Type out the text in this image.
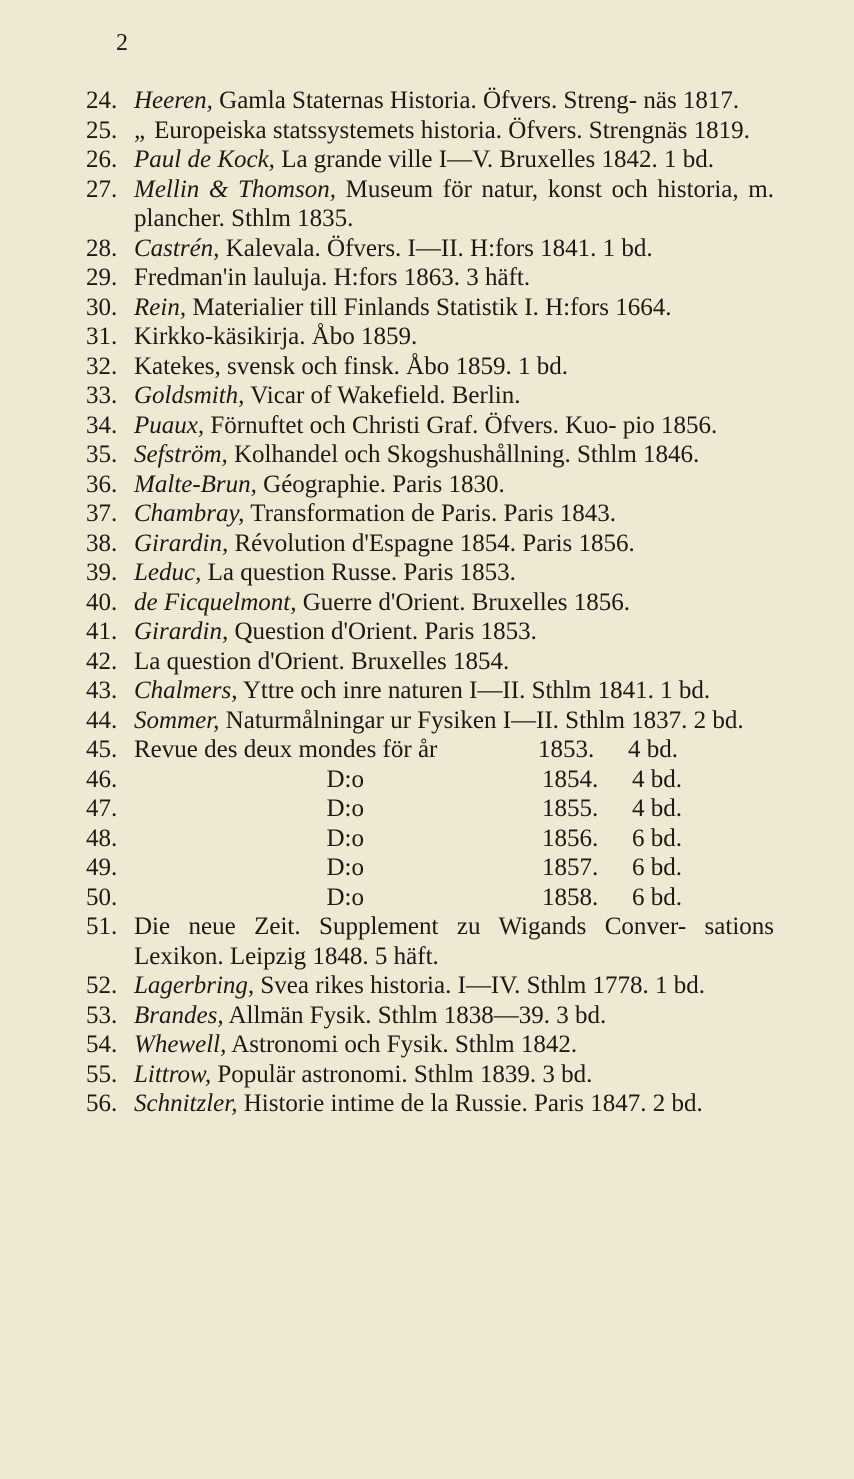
2
24. Heeren, Gamla Staternas Historia. Öfvers. Streng- näs 1817.
25. „ Europeiska statssystemets historia. Öfvers. Strengnäs 1819.
26. Paul de Kock, La grande ville I—V. Bruxelles 1842. 1 bd.
27. Mellin & Thomson, Museum för natur, konst och historia, m. plancher. Sthlm 1835.
28. Castrén, Kalevala. Öfvers. I—II. H:fors 1841. 1 bd.
29. Fredman'in lauluja. H:fors 1863. 3 häft.
30. Rein, Materialier till Finlands Statistik I. H:fors 1664.
31. Kirkko-käsikirja. Åbo 1859.
32. Katekes, svensk och finsk. Åbo 1859. 1 bd.
33. Goldsmith, Vicar of Wakefield. Berlin.
34. Puaux, Förnuftet och Christi Graf. Öfvers. Kuo- pio 1856.
35. Sefström, Kolhandel och Skogshushållning. Sthlm 1846.
36. Malte-Brun, Géographie. Paris 1830.
37. Chambray, Transformation de Paris. Paris 1843.
38. Girardin, Révolution d'Espagne 1854. Paris 1856.
39. Leduc, La question Russe. Paris 1853.
40. de Ficquelmont, Guerre d'Orient. Bruxelles 1856.
41. Girardin, Question d'Orient. Paris 1853.
42. La question d'Orient. Bruxelles 1854.
43. Chalmers, Yttre och inre naturen I—II. Sthlm 1841. 1 bd.
44. Sommer, Naturmålningar ur Fysiken I—II. Sthlm 1837. 2 bd.
45. Revue des deux mondes för år	1853.	4 bd.
46.	D:o	1854.	4 bd.
47.	D:o	1855.	4 bd.
48.	D:o	1856.	6 bd.
49.	D:o	1857.	6 bd.
50.	D:o	1858.	6 bd.
51. Die neue Zeit. Supplement zu Wigands Conver- sations Lexikon. Leipzig 1848. 5 häft.
52. Lagerbring, Svea rikes historia. I—IV. Sthlm 1778. 1 bd.
53. Brandes, Allmän Fysik. Sthlm 1838—39. 3 bd.
54. Whewell, Astronomi och Fysik. Sthlm 1842.
55. Littrow, Populär astronomi. Sthlm 1839. 3 bd.
56. Schnitzler, Historie intime de la Russie. Paris 1847. 2 bd.
